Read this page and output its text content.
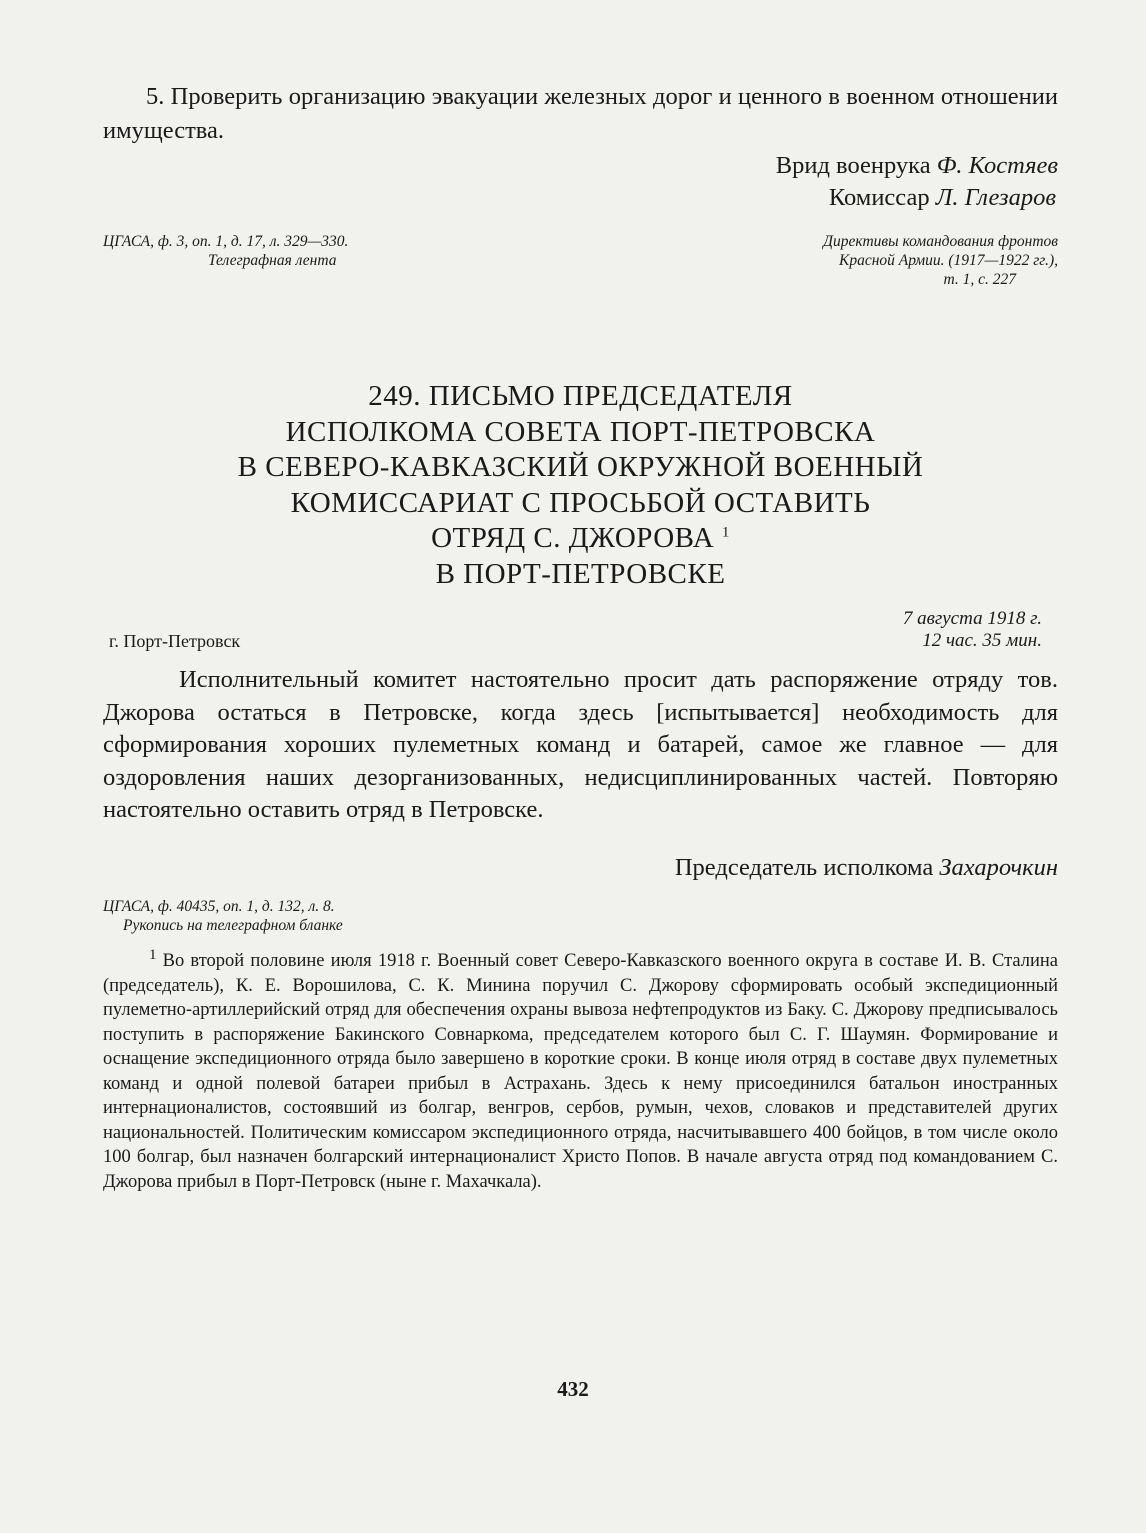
5. Проверить организацию эвакуации железных дорог и ценного в военном отношении имущества.

Врид военрука Ф. Костяев
Комиссар Л. Глезаров
ЦГАСА, ф. 3, оп. 1, д. 17, л. 329—330.
Телеграфная лента
Директивы командования фронтов
Красной Армии. (1917—1922 гг.),
т. 1, с. 227
249. ПИСЬМО ПРЕДСЕДАТЕЛЯ
ИСПОЛКОМА СОВЕТА ПОРТ-ПЕТРОВСКА
В СЕВЕРО-КАВКАЗСКИЙ ОКРУЖНОЙ ВОЕННЫЙ
КОМИССАРИАТ С ПРОСЬБОЙ ОСТАВИТЬ
ОТРЯД С. ДЖОРОВА $^1$
В ПОРТ-ПЕТРОВСКЕ
г. Порт-Петровск
7 августа 1918 г.
12 час. 35 мин.

Исполнительный комитет настоятельно просит дать распоряжение отряду тов. Джорова остаться в Петровске, когда здесь [испытывается] необходимость для сформирования хороших пулеметных команд и батарей, самое же главное — для оздоровления наших дезорганизованных, недисциплинированных частей. Повторяю настоятельно оставить отряд в Петровске.

Председатель исполкома Захарочкин
ЦГАСА, ф. 40435, оп. 1, д. 132, л. 8.
Рукопись на телеграфном бланке

$^1$ Во второй половине июля 1918 г. Военный совет Северо-Кавказского военного округа в составе И. В. Сталина (председатель), К. Е. Ворошилова, С. К. Минина поручил С. Джорову сформировать особый экспедиционный пулеметно-артиллерийский отряд для обеспечения охраны вывоза нефтепродуктов из Баку. С. Джорову предписывалось поступить в распоряжение Бакинского Совнаркома, председателем которого был С. Г. Шаумян. Формирование и оснащение экспедиционного отряда было завершено в короткие сроки. В конце июля отряд в составе двух пулеметных команд и одной полевой батареи прибыл в Астрахань. Здесь к нему присоединился батальон иностранных интернационалистов, состоявший из болгар, венгров, сербов, румын, чехов, словаков и представителей других национальностей. Политическим комиссаром экспедиционного отряда, насчитывавшего 400 бойцов, в том числе около 100 болгар, был назначен болгарский интернационалист Христо Попов. В начале августа отряд под командованием С. Джорова прибыл в Порт-Петровск (ныне г. Махачкала).

432
